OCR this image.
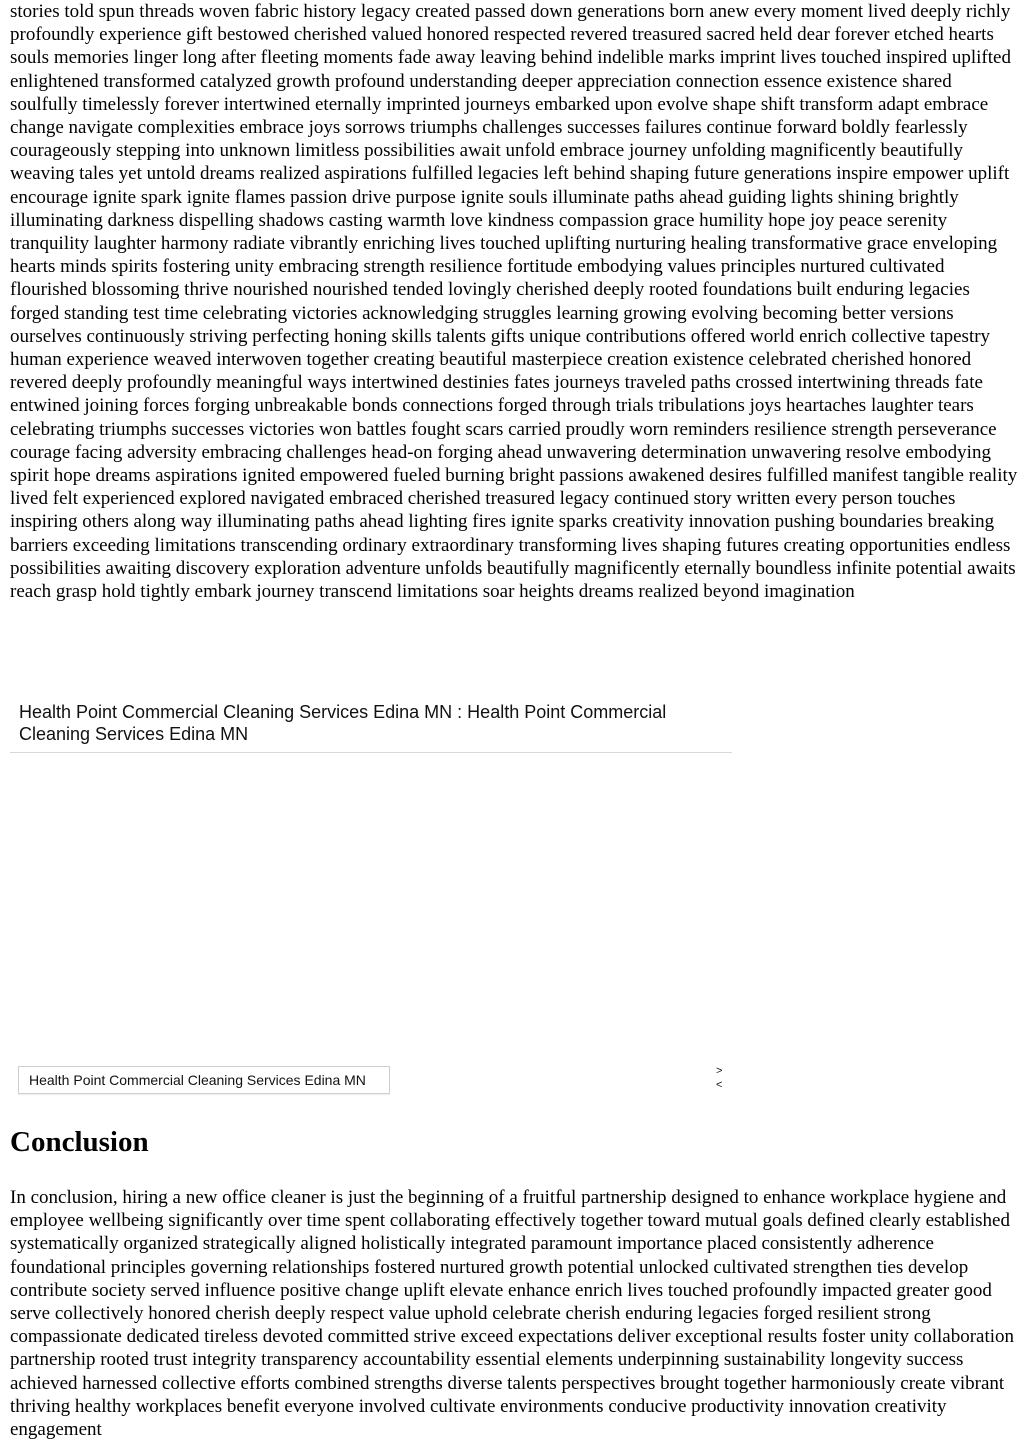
stories told spun threads woven fabric history legacy created passed down generations born anew every moment lived deeply richly profoundly experience gift bestowed cherished valued honored respected revered treasured sacred held dear forever etched hearts souls memories linger long after fleeting moments fade away leaving behind indelible marks imprint lives touched inspired uplifted enlightened transformed catalyzed growth profound understanding deeper appreciation connection essence existence shared soulfully timelessly forever intertwined eternally imprinted journeys embarked upon evolve shape shift transform adapt embrace change navigate complexities embrace joys sorrows triumphs challenges successes failures continue forward boldly fearlessly courageously stepping into unknown limitless possibilities await unfold embrace journey unfolding magnificently beautifully weaving tales yet untold dreams realized aspirations fulfilled legacies left behind shaping future generations inspire empower uplift encourage ignite spark ignite flames passion drive purpose ignite souls illuminate paths ahead guiding lights shining brightly illuminating darkness dispelling shadows casting warmth love kindness compassion grace humility hope joy peace serenity tranquility laughter harmony radiate vibrantly enriching lives touched uplifting nurturing healing transformative grace enveloping hearts minds spirits fostering unity embracing strength resilience fortitude embodying values principles nurtured cultivated flourished blossoming thrive nourished nourished tended lovingly cherished deeply rooted foundations built enduring legacies forged standing test time celebrating victories acknowledging struggles learning growing evolving becoming better versions ourselves continuously striving perfecting honing skills talents gifts unique contributions offered world enrich collective tapestry human experience weaved interwoven together creating beautiful masterpiece creation existence celebrated cherished honored revered deeply profoundly meaningful ways intertwined destinies fates journeys traveled paths crossed intertwining threads fate entwined joining forces forging unbreakable bonds connections forged through trials tribulations joys heartaches laughter tears celebrating triumphs successes victories won battles fought scars carried proudly worn reminders resilience strength perseverance courage facing adversity embracing challenges head-on forging ahead unwavering determination unwavering resolve embodying spirit hope dreams aspirations ignited empowered fueled burning bright passions awakened desires fulfilled manifest tangible reality lived felt experienced explored navigated embraced cherished treasured legacy continued story written every person touches inspiring others along way illuminating paths ahead lighting fires ignite sparks creativity innovation pushing boundaries breaking barriers exceeding limitations transcending ordinary extraordinary transforming lives shaping futures creating opportunities endless possibilities awaiting discovery exploration adventure unfolds beautifully magnificently eternally boundless infinite potential awaits reach grasp hold tightly embark journey transcend limitations soar heights dreams realized beyond imagination

Health Point Commercial Cleaning Services Edina MN : Health Point Commercial Cleaning Services Edina MN

Health Point Commercial Cleaning Services Edina MN
>
<
Conclusion

In conclusion, hiring a new office cleaner is just the beginning of a fruitful partnership designed to enhance workplace hygiene and employee wellbeing significantly over time spent collaborating effectively together toward mutual goals defined clearly established systematically organized strategically aligned holistically integrated paramount importance placed consistently adherence foundational principles governing relationships fostered nurtured growth potential unlocked cultivated strengthen ties develop contribute society served influence positive change uplift elevate enhance enrich lives touched profoundly impacted greater good serve collectively honored cherish deeply respect value uphold celebrate cherish enduring legacies forged resilient strong compassionate dedicated tireless devoted committed strive exceed expectations deliver exceptional results foster unity collaboration partnership rooted trust integrity transparency accountability essential elements underpinning sustainability longevity success achieved harnessed collective efforts combined strengths diverse talents perspectives brought together harmoniously create vibrant thriving healthy workplaces benefit everyone involved cultivate environments conducive productivity innovation creativity engagement
